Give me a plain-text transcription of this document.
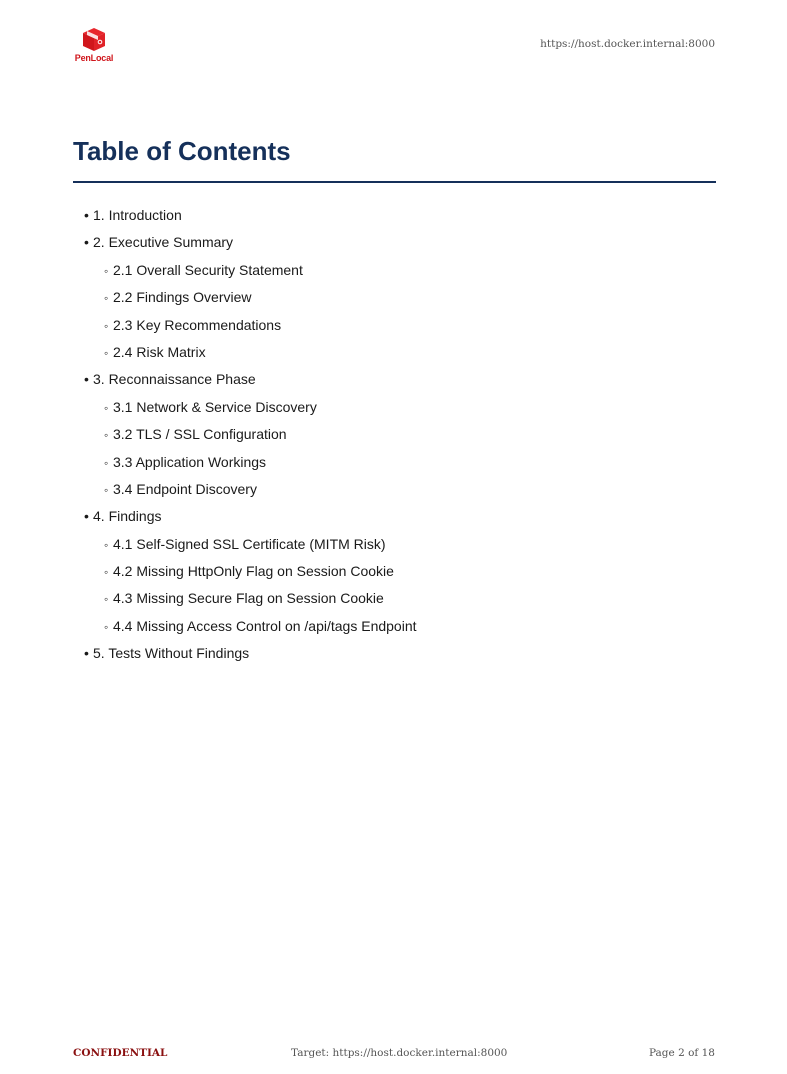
PenLocal
https://host.docker.internal:8000
Table of Contents
•1. Introduction
•2. Executive Summary
◦2.1 Overall Security Statement
◦2.2 Findings Overview
◦2.3 Key Recommendations
◦2.4 Risk Matrix
•3. Reconnaissance Phase
◦3.1 Network & Service Discovery
◦3.2 TLS / SSL Configuration
◦3.3 Application Workings
◦3.4 Endpoint Discovery
•4. Findings
◦4.1 Self-Signed SSL Certificate (MITM Risk)
◦4.2 Missing HttpOnly Flag on Session Cookie
◦4.3 Missing Secure Flag on Session Cookie
◦4.4 Missing Access Control on /api/tags Endpoint
•5. Tests Without Findings
CONFIDENTIAL	Target: https://host.docker.internal:8000	Page 2 of 18
